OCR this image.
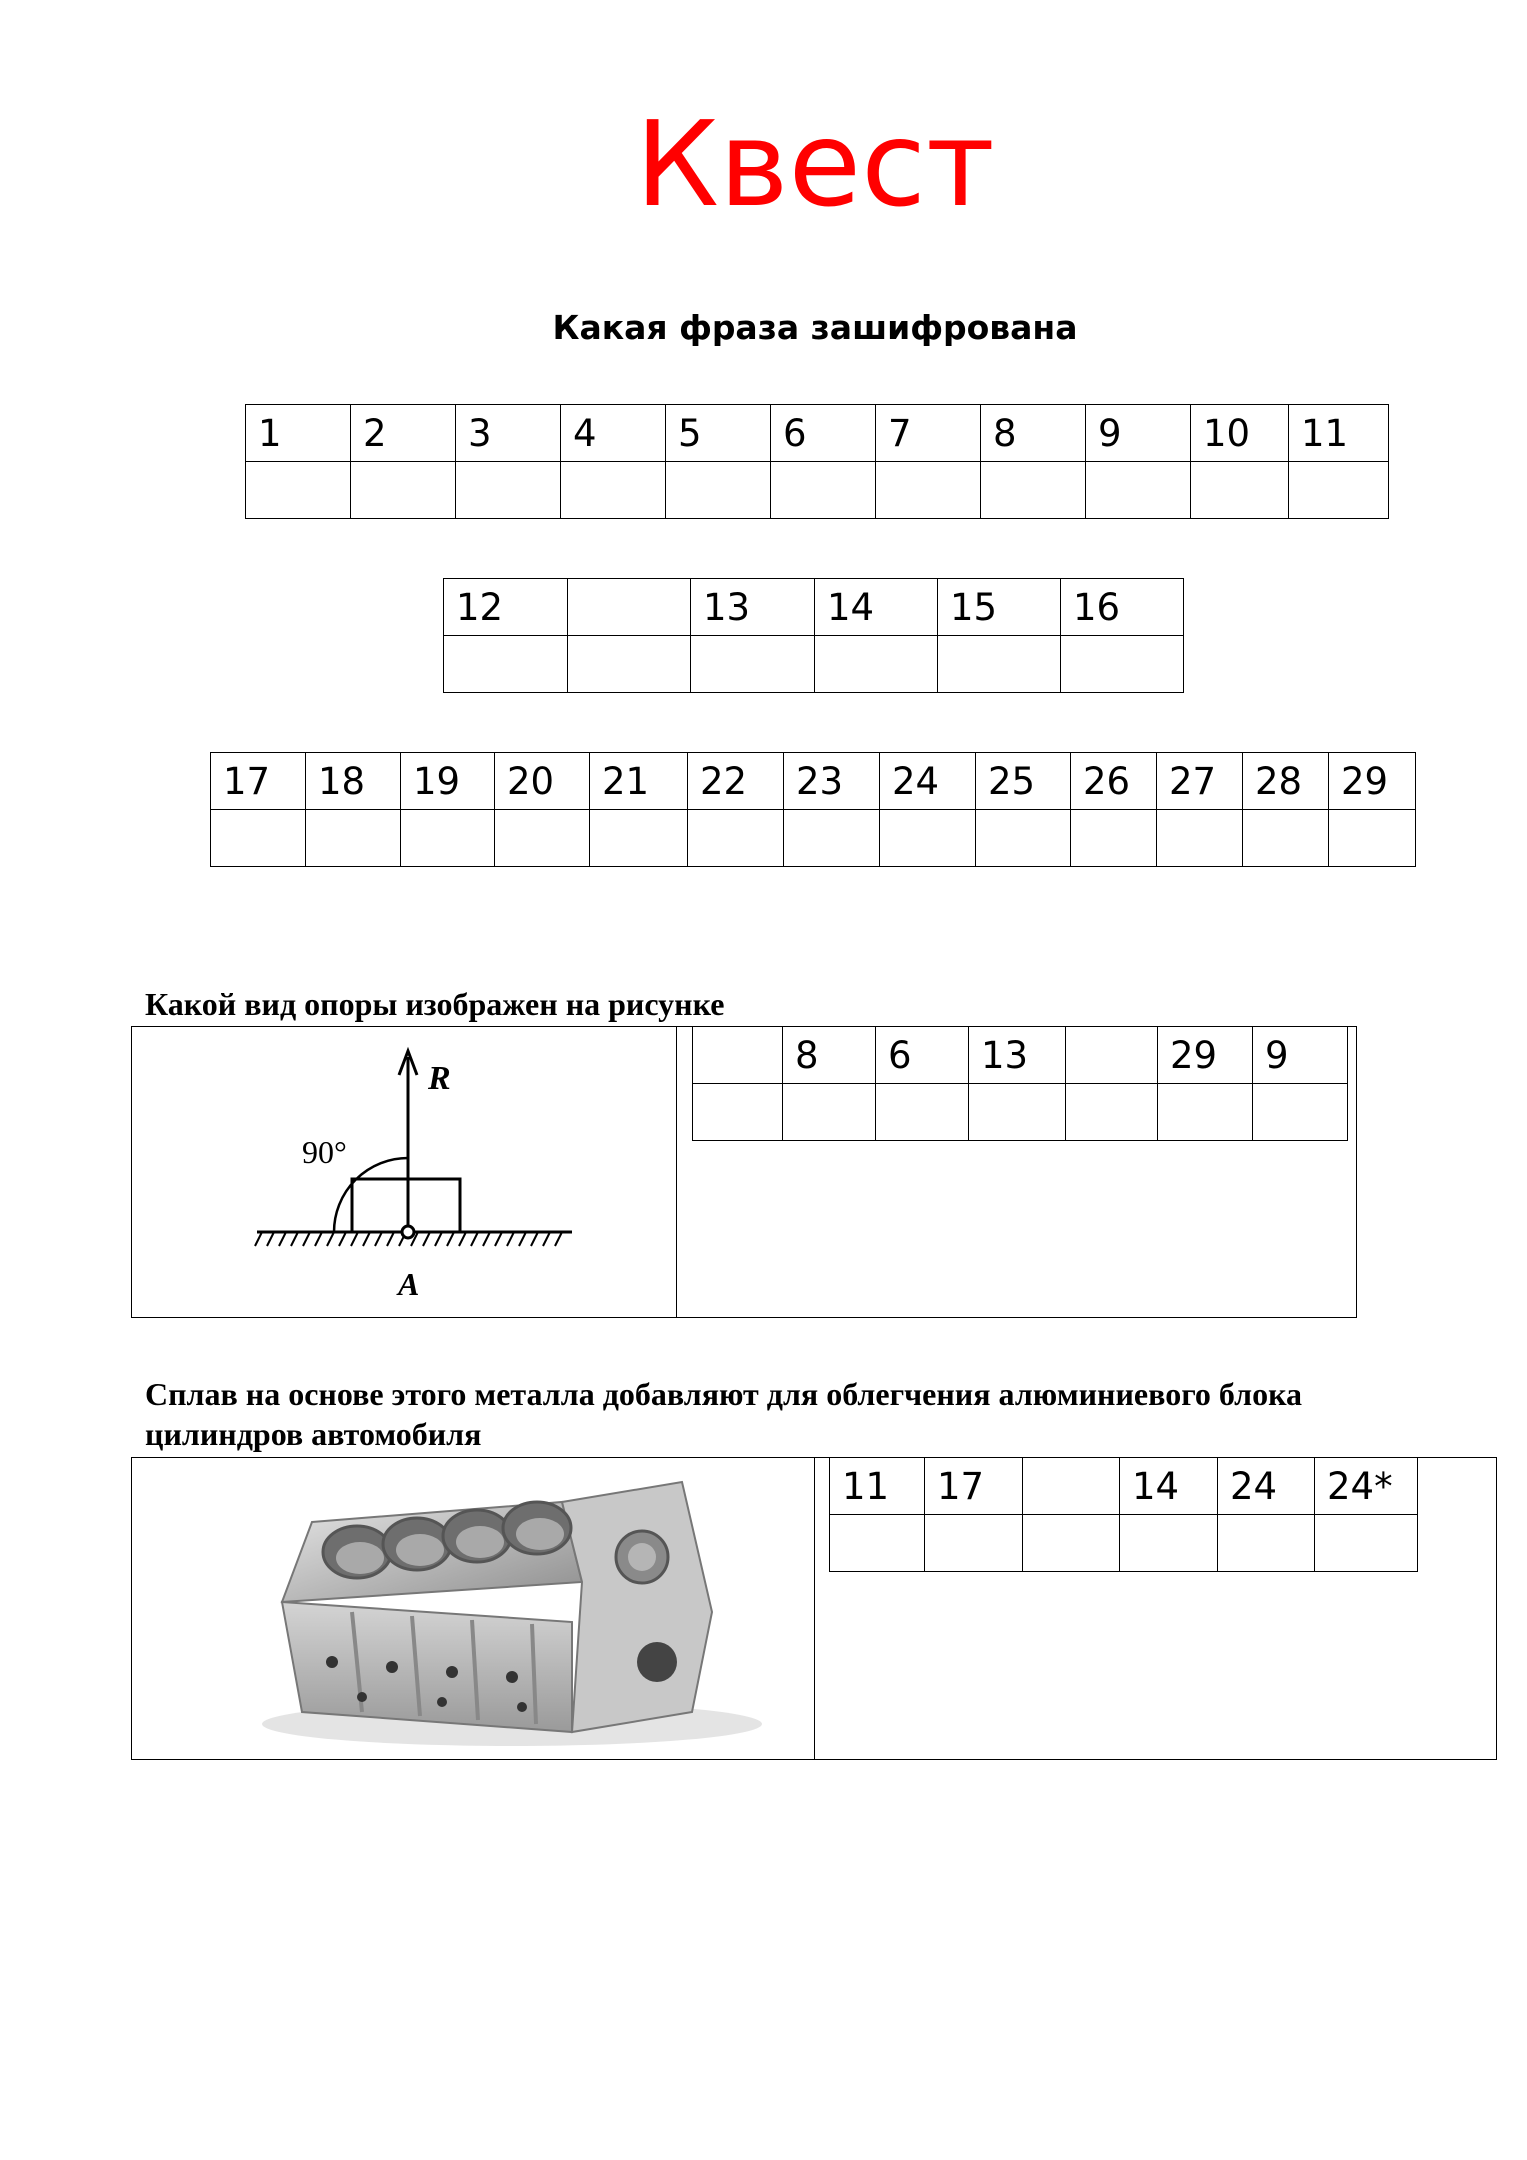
Квест
Какая фраза зашифрована
1	2	3	4	5	6	7	8	9	10	11

12		13	14	15	16

17	18	19	20	21	22	23	24	25	26	27	28	29

Какой вид опоры изображен на рисунке
R
90°
A
	8	6	13		29	9

Сплав на основе этого металла добавляют для облегчения алюминиевого блока
цилиндров автомобиля
11	17		14	24	24*
